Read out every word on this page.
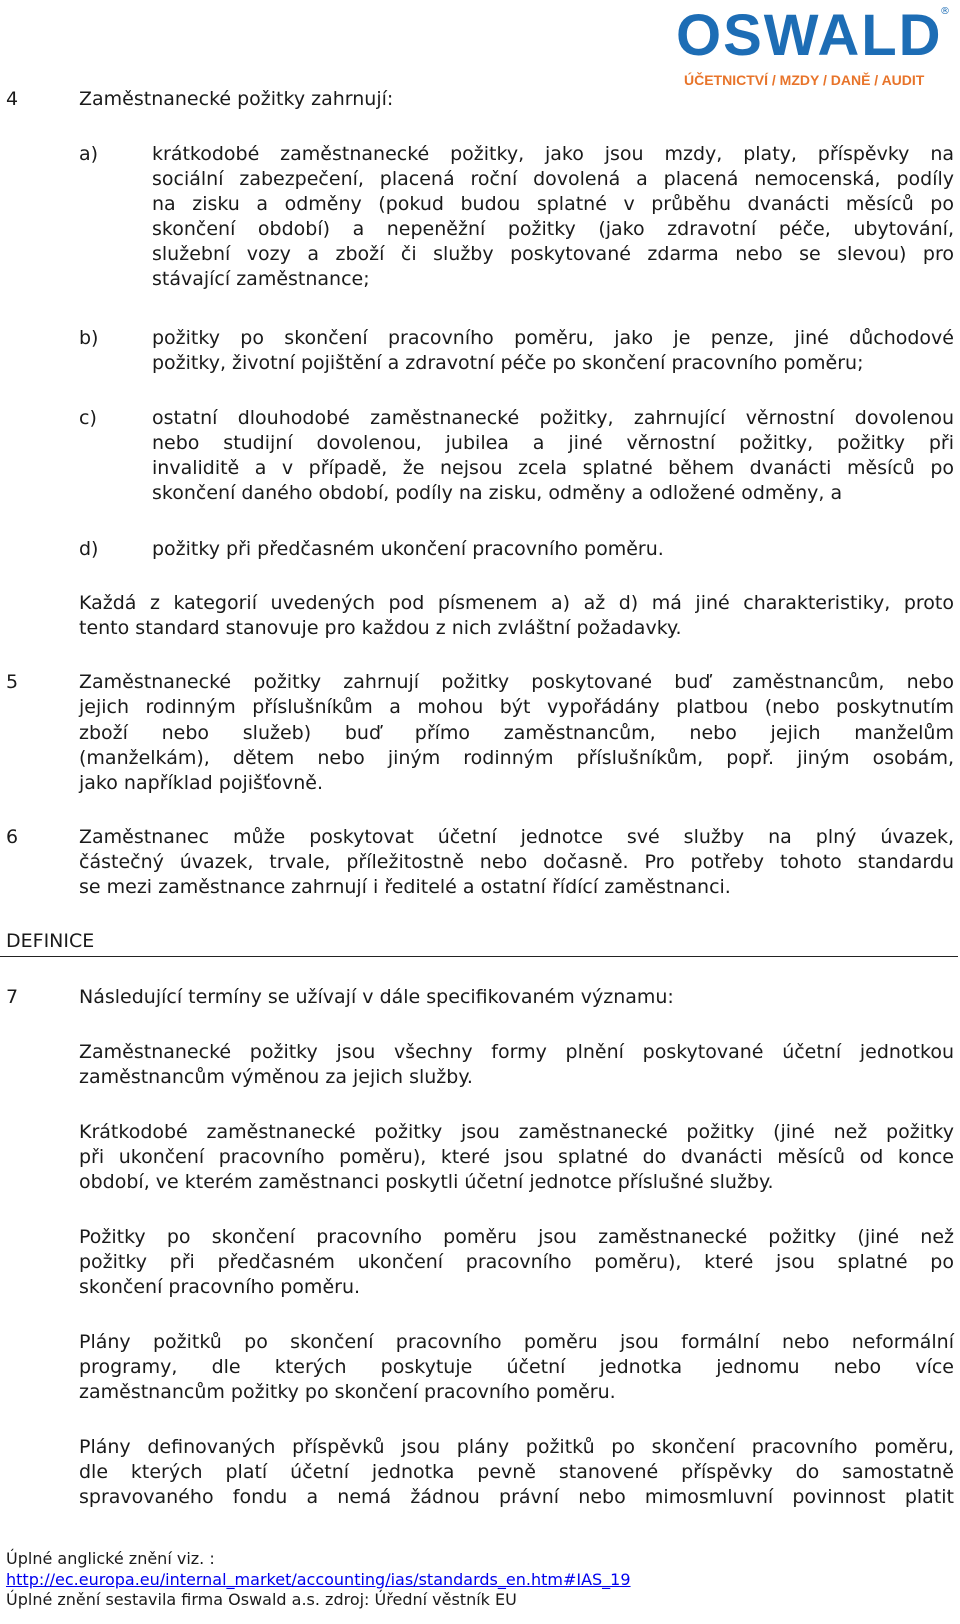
OSWALD
®
ÚČETNICTVÍ / MZDY / DANĚ / AUDIT

4	Zaměstnanecké požitky zahrnují:

a)	krátkodobé zaměstnanecké požitky, jako jsou mzdy, platy, příspěvky na

sociální zabezpečení, placená roční dovolená a placená nemocenská, podíly

na zisku a odměny (pokud budou splatné v průběhu dvanácti měsíců po

skončení období) a nepeněžní požitky (jako zdravotní péče, ubytování,

služební vozy a zboží či služby poskytované zdarma nebo se slevou) pro

stávající zaměstnance;

b)	požitky po skončení pracovního poměru, jako je penze, jiné důchodové

požitky, životní pojištění a zdravotní péče po skončení pracovního poměru;

c)	ostatní dlouhodobé zaměstnanecké požitky, zahrnující věrnostní dovolenou

nebo studijní dovolenou, jubilea a jiné věrnostní požitky, požitky při

invaliditě a v případě, že nejsou zcela splatné během dvanácti měsíců po

skončení daného období, podíly na zisku, odměny a odložené odměny, a

d)	požitky při předčasném ukončení pracovního poměru.

Každá z kategorií uvedených pod písmenem a) až d) má jiné charakteristiky, proto

tento standard stanovuje pro každou z nich zvláštní požadavky.

5	Zaměstnanecké požitky zahrnují požitky poskytované buď zaměstnancům, nebo

jejich rodinným příslušníkům a mohou být vypořádány platbou (nebo poskytnutím

zboží nebo služeb) buď přímo zaměstnancům, nebo jejich manželům

(manželkám), dětem nebo jiným rodinným příslušníkům, popř. jiným osobám,

jako například pojišťovně.

6	Zaměstnanec může poskytovat účetní jednotce své služby na plný úvazek,

částečný úvazek, trvale, příležitostně nebo dočasně. Pro potřeby tohoto standardu

se mezi zaměstnance zahrnují i ředitelé a ostatní řídící zaměstnanci.

DEFINICE

7	Následující termíny se užívají v dále specifikovaném významu:

Zaměstnanecké požitky jsou všechny formy plnění poskytované účetní jednotkou

zaměstnancům výměnou za jejich služby.

Krátkodobé zaměstnanecké požitky jsou zaměstnanecké požitky (jiné než požitky

při ukončení pracovního poměru), které jsou splatné do dvanácti měsíců od konce

období, ve kterém zaměstnanci poskytli účetní jednotce příslušné služby.

Požitky po skončení pracovního poměru jsou zaměstnanecké požitky (jiné než

požitky při předčasném ukončení pracovního poměru), které jsou splatné po

skončení pracovního poměru.

Plány požitků po skončení pracovního poměru jsou formální nebo neformální

programy, dle kterých poskytuje účetní jednotka jednomu nebo více

zaměstnancům požitky po skončení pracovního poměru.

Plány definovaných příspěvků jsou plány požitků po skončení pracovního poměru,

dle kterých platí účetní jednotka pevně stanovené příspěvky do samostatně

spravovaného fondu a nemá žádnou právní nebo mimosmluvní povinnost platit

Úplné anglické znění viz. :

http://ec.europa.eu/internal_market/accounting/ias/standards_en.htm#IAS_19

Úplné znění sestavila firma Oswald a.s. zdroj: Úřední věstník EU
